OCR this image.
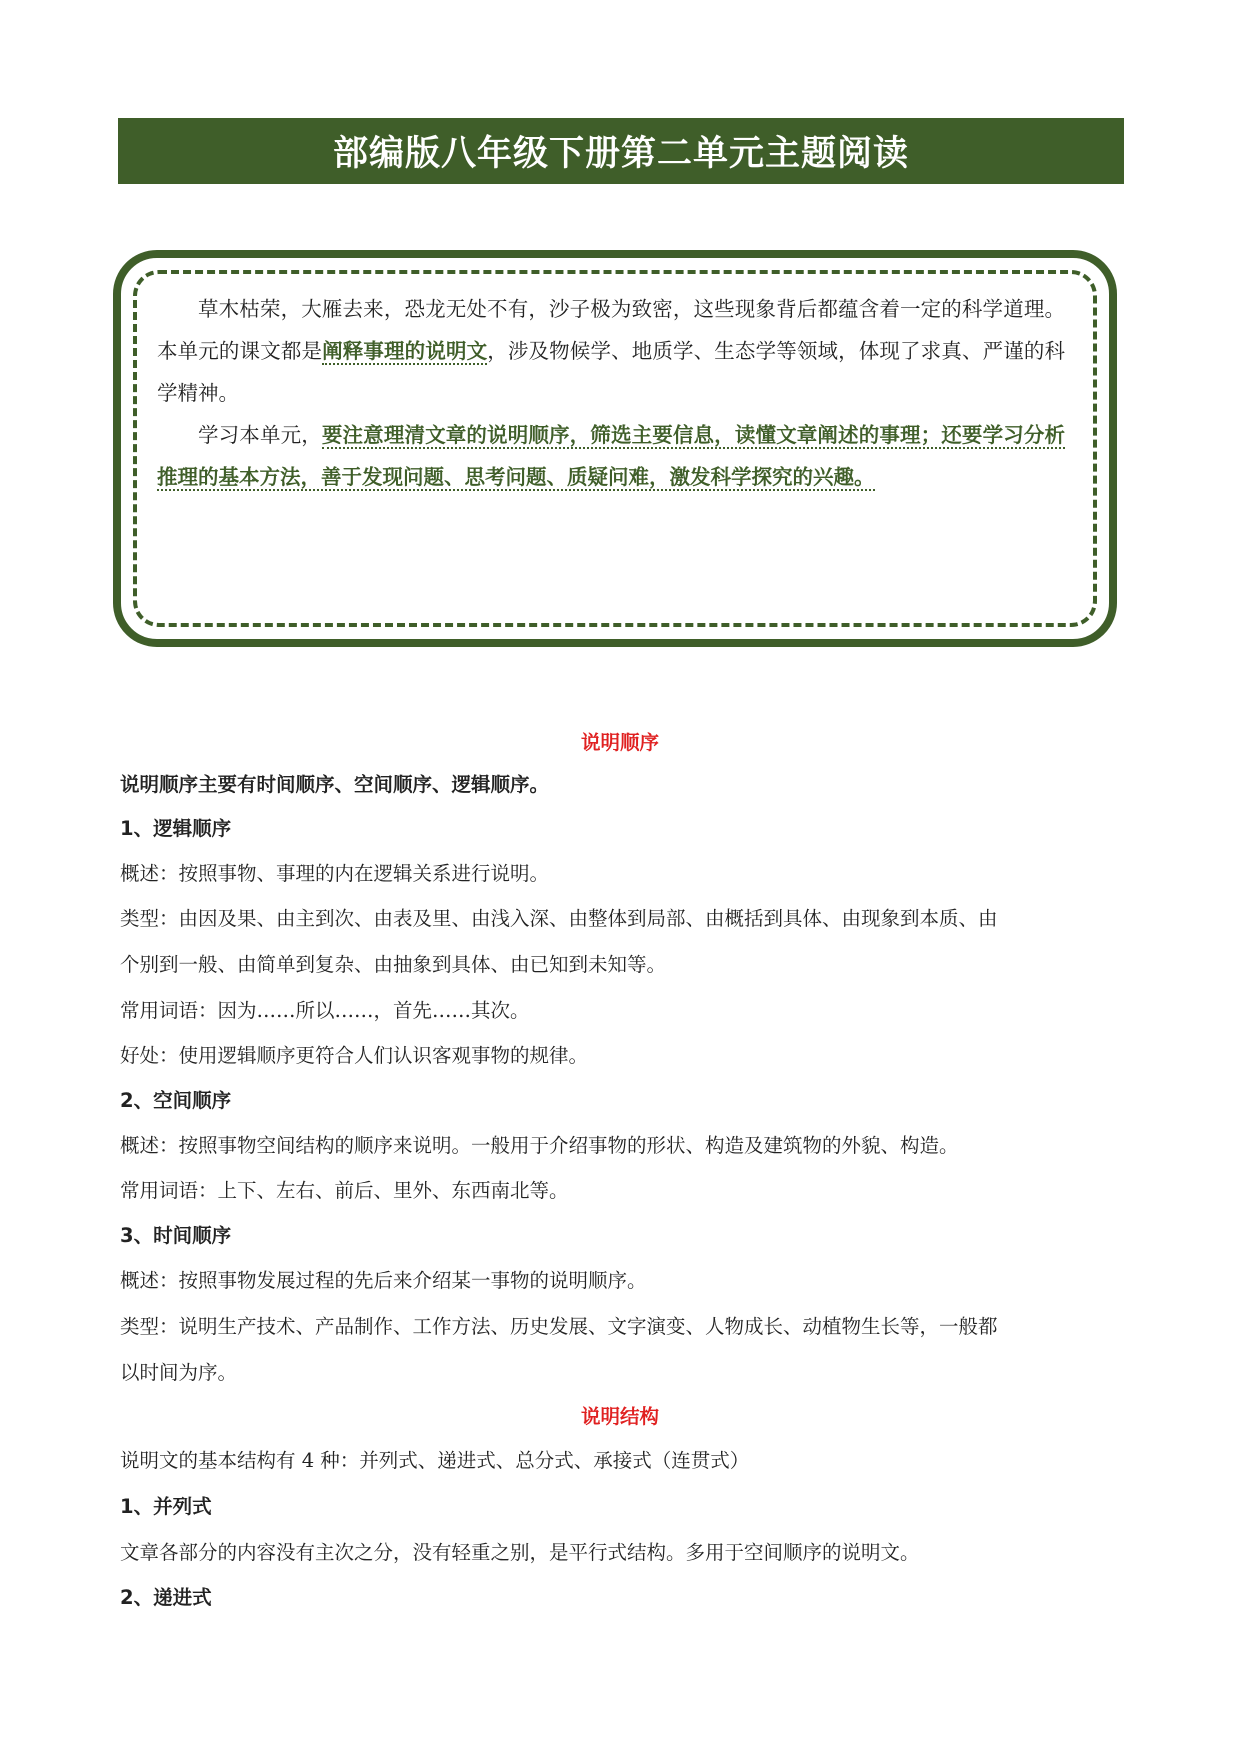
部编版八年级下册第二单元主题阅读

草木枯荣，大雁去来，恐龙无处不有，沙子极为致密，这些现象背后都蕴含着一定的科学道理。本单元的课文都是阐释事理的说明文，涉及物候学、地质学、生态学等领域，体现了求真、严谨的科学精神。

学习本单元，要注意理清文章的说明顺序，筛选主要信息，读懂文章阐述的事理；还要学习分析推理的基本方法，善于发现问题、思考问题、质疑问难，激发科学探究的兴趣。

说明顺序
说明顺序主要有时间顺序、空间顺序、逻辑顺序。
1、逻辑顺序
概述：按照事物、事理的内在逻辑关系进行说明。
类型：由因及果、由主到次、由表及里、由浅入深、由整体到局部、由概括到具体、由现象到本质、由
个别到一般、由简单到复杂、由抽象到具体、由已知到未知等。
常用词语：因为……所以……，首先……其次。
好处：使用逻辑顺序更符合人们认识客观事物的规律。
2、空间顺序
概述：按照事物空间结构的顺序来说明。一般用于介绍事物的形状、构造及建筑物的外貌、构造。
常用词语：上下、左右、前后、里外、东西南北等。
3、时间顺序
概述：按照事物发展过程的先后来介绍某一事物的说明顺序。
类型：说明生产技术、产品制作、工作方法、历史发展、文字演变、人物成长、动植物生长等，一般都
以时间为序。
说明结构
说明文的基本结构有 4 种：并列式、递进式、总分式、承接式（连贯式）
1、并列式
文章各部分的内容没有主次之分，没有轻重之别，是平行式结构。多用于空间顺序的说明文。
2、递进式
